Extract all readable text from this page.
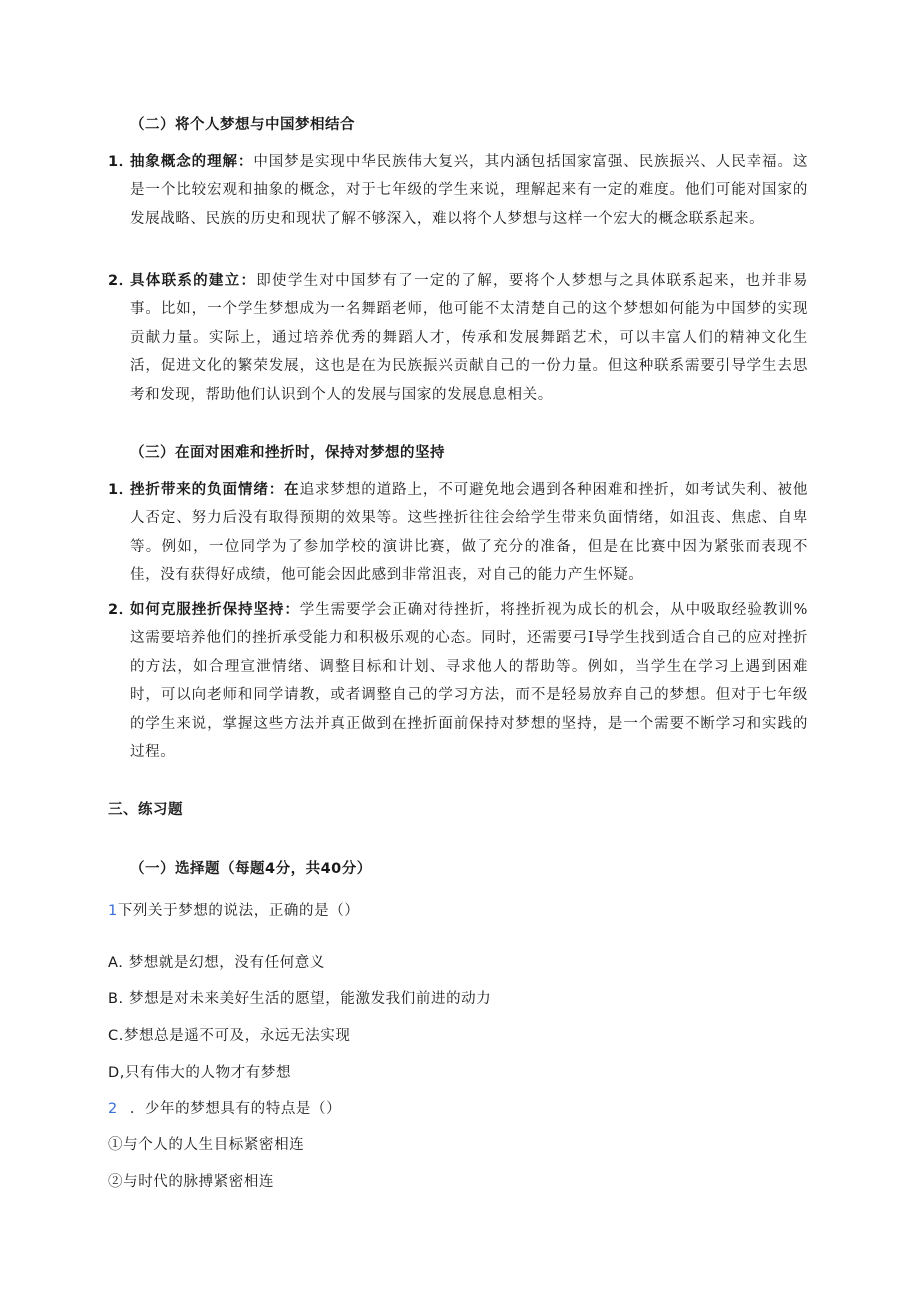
（二）将个人梦想与中国梦相结合
1．
抽象概念的理解：中国梦是实现中华民族伟大复兴，其内涵包括国家富强、民族振兴、人民幸福。这是一个比较宏观和抽象的概念，对于七年级的学生来说，理解起来有一定的难度。他们可能对国家的发展战略、民族的历史和现状了解不够深入，难以将个人梦想与这样一个宏大的概念联系起来。
2．
具体联系的建立：即使学生对中国梦有了一定的了解，要将个人梦想与之具体联系起来，也并非易事。比如，一个学生梦想成为一名舞蹈老师，他可能不太清楚自己的这个梦想如何能为中国梦的实现贡献力量。实际上，通过培养优秀的舞蹈人才，传承和发展舞蹈艺术，可以丰富人们的精神文化生活，促进文化的繁荣发展，这也是在为民族振兴贡献自己的一份力量。但这种联系需要引导学生去思考和发现，帮助他们认识到个人的发展与国家的发展息息相关。
（三）在面对困难和挫折时，保持对梦想的坚持
1．
挫折带来的负面情绪：在追求梦想的道路上，不可避免地会遇到各种困难和挫折，如考试失利、被他人否定、努力后没有取得预期的效果等。这些挫折往往会给学生带来负面情绪，如沮丧、焦虑、自卑等。例如，一位同学为了参加学校的演讲比赛，做了充分的准备，但是在比赛中因为紧张而表现不佳，没有获得好成绩，他可能会因此感到非常沮丧，对自己的能力产生怀疑。
2．
如何克服挫折保持坚持：学生需要学会正确对待挫折，将挫折视为成长的机会，从中吸取经验教训%这需要培养他们的挫折承受能力和积极乐观的心态。同时，还需要弓I导学生找到适合自己的应对挫折的方法，如合理宣泄情绪、调整目标和计划、寻求他人的帮助等。例如，当学生在学习上遇到困难时，可以向老师和同学请教，或者调整自己的学习方法，而不是轻易放弃自己的梦想。但对于七年级的学生来说，掌握这些方法并真正做到在挫折面前保持对梦想的坚持，是一个需要不断学习和实践的过程。
三、练习题
（一）选择题（每题4分，共40分）
1下列关于梦想的说法，正确的是（）
A. 梦想就是幻想，没有任何意义
B. 梦想是对未来美好生活的愿望，能激发我们前进的动力
C.梦想总是遥不可及，永远无法实现
D,只有伟大的人物才有梦想
2 ．少年的梦想具有的特点是（）
①与个人的人生目标紧密相连
②与时代的脉搏紧密相连
